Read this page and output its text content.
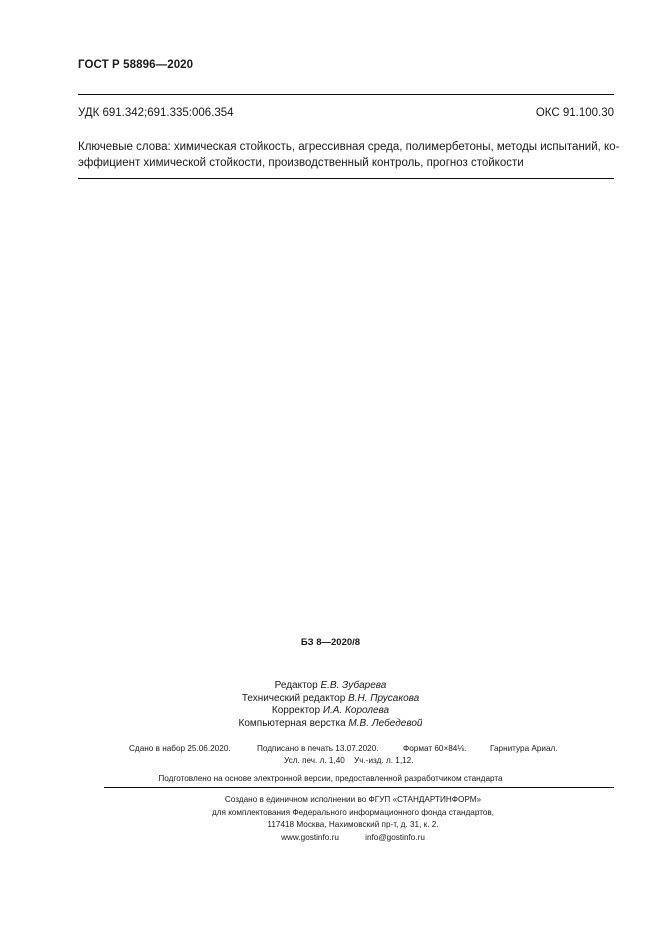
ГОСТ Р 58896—2020
УДК 691.342;691.335:006.354	ОКС 91.100.30
Ключевые слова: химическая стойкость, агрессивная среда, полимербетоны, методы испытаний, ко-
эффициент химической стойкости, производственный контроль, прогноз стойкости
БЗ 8—2020/8
Редактор Е.В. Зубарева
Технический редактор В.Н. Прусакова
Корректор И.А. Королева
Компьютерная верстка М.В. Лебедевой
Сдано в набор 25.06.2020.	Подписано в печать 13.07.2020.	Формат 60×84⅛.	Гарнитура Ариал.
Усл. печ. л. 1,40 Уч.-изд. л. 1,12.
Подготовлено на основе электронной версии, предоставленной разработчиком стандарта
Создано в единичном исполнении во ФГУП «СТАНДАРТИНФОРМ»
для комплектования Федерального информационного фонда стандартов,
117418 Москва, Нахимовский пр-т, д. 31, к. 2.
www.gostinfo.ru	info@gostinfo.ru
